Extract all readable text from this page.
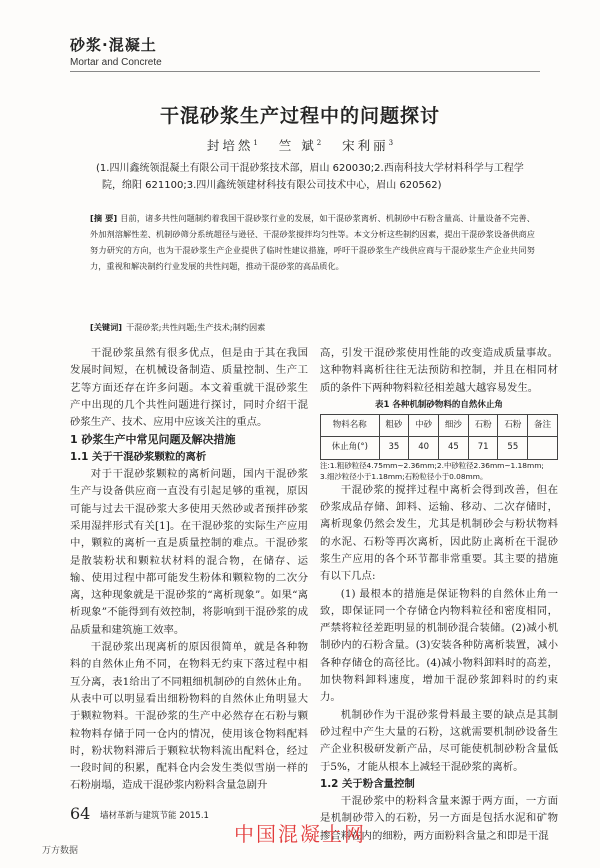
砂浆·混凝土
Mortar and Concrete
干混砂浆生产过程中的问题探讨
封培然$^1$ 竺 斌$^2$ 宋利丽$^3$
(1.四川鑫统领混凝土有限公司干混砂浆技术部，眉山 620030;2.西南科技大学材料科学与工程学院，绵阳 621100;3.四川鑫统领建材科技有限公司技术中心，眉山 620562)
[摘 要] 目前，诸多共性问题制约着我国干混砂浆行业的发展，如干混砂浆离析、机制砂中石粉含量高、计量设备不完善、外加剂溶解性差、机制砂筛分系统超径与逊径、干混砂浆搅拌均匀性等。本文分析这些制约因素，提出干混砂浆设备供商应努力研究的方向，也为干混砂浆生产企业提供了临时性建议措施，呼吁干混砂浆生产线供应商与干混砂浆生产企业共同努力，重视和解决制约行业发展的共性问题，推动干混砂浆的高品质化。
[关键词] 干混砂浆;共性问题;生产技术;制约因素

干混砂浆虽然有很多优点，但是由于其在我国发展时间短，在机械设备制造、质量控制、生产工艺等方面还存在许多问题。本文着重就干混砂浆生产中出现的几个共性问题进行探讨，同时介绍干混砂浆生产、技术、应用中应该关注的重点。

1 砂浆生产中常见问题及解决措施

1.1 关于干混砂浆颗粒的离析

对于干混砂浆颗粒的离析问题，国内干混砂浆生产与设备供应商一直没有引起足够的重视，原因可能与过去干混砂浆大多使用天然砂或者预拌砂浆采用湿拌形式有关[1]。在干混砂浆的实际生产应用中，颗粒的离析一直是质量控制的难点。干混砂浆是散装粉状和颗粒状材料的混合物，在储存、运输、使用过程中都可能发生粉体和颗粒物的二次分离，这种现象就是干混砂浆的“离析现象”。如果“离析现象”不能得到有效控制，将影响到干混砂浆的成品质量和建筑施工效率。

干混砂浆出现离析的原因很简单，就是各种物料的自然休止角不同，在物料无约束下落过程中相互分离，表1给出了不同粗细机制砂的自然休止角。从表中可以明显看出细粉物料的自然休止角明显大于颗粒物料。干混砂浆的生产中必然存在石粉与颗粒物料存储于同一仓内的情况，使用该仓物料配料时，粉状物料滞后于颗粒状物料流出配料仓，经过一段时间的积累，配料仓内会发生类似雪崩一样的石粉崩塌，造成干混砂浆内粉料含量急剧升

高，引发干混砂浆使用性能的改变造成质量事故。这种物料离析往往无法预防和控制，并且在相同材质的条件下两种物料粒径相差越大越容易发生。

表1 各种机制砂物料的自然休止角

物料名称	粗砂	中砂	细沙	石粉	石粉	备注
休止角(°)	35	40	45	71	55	

注:1.粗砂粒径4.75mm~2.36mm;2.中砂粒径2.36mm~1.18mm;
3.细沙粒径小于1.18mm;石粉粒径小于0.08mm。

干混砂浆的搅拌过程中离析会得到改善，但在砂浆成品存储、卸料、运输、移动、二次存储时，离析现象仍然会发生，尤其是机制砂会与粉状物料的水泥、石粉等再次离析，因此防止离析在干混砂浆生产应用的各个环节都非常重要。其主要的措施有以下几点:

(1) 最根本的措施是保证物料的自然休止角一致，即保证同一个存储仓内物料粒径和密度相同，严禁将粒径差距明显的机制砂混合装储。(2)减小机制砂内的石粉含量。(3)安装各种防离析装置，减小各种存储仓的高径比。(4)减小物料卸料时的高差，加快物料卸料速度，增加干混砂浆卸料时的约束力。

机制砂作为干混砂浆骨料最主要的缺点是其制砂过程中产生大量的石粉，这就需要机制砂设备生产企业积极研发新产品，尽可能使机制砂粉含量低于5%，才能从根本上减轻干混砂浆的离析。

1.2 关于粉含量控制

干混砂浆中的粉料含量来源于两方面，一方面是机制砂带入的石粉，另一方面是包括水泥和矿物掺合料在内的细粉，两方面粉料含量之和即是干混

64 墙材革新与建筑节能 2015.1
中国混凝土网
万方数据
